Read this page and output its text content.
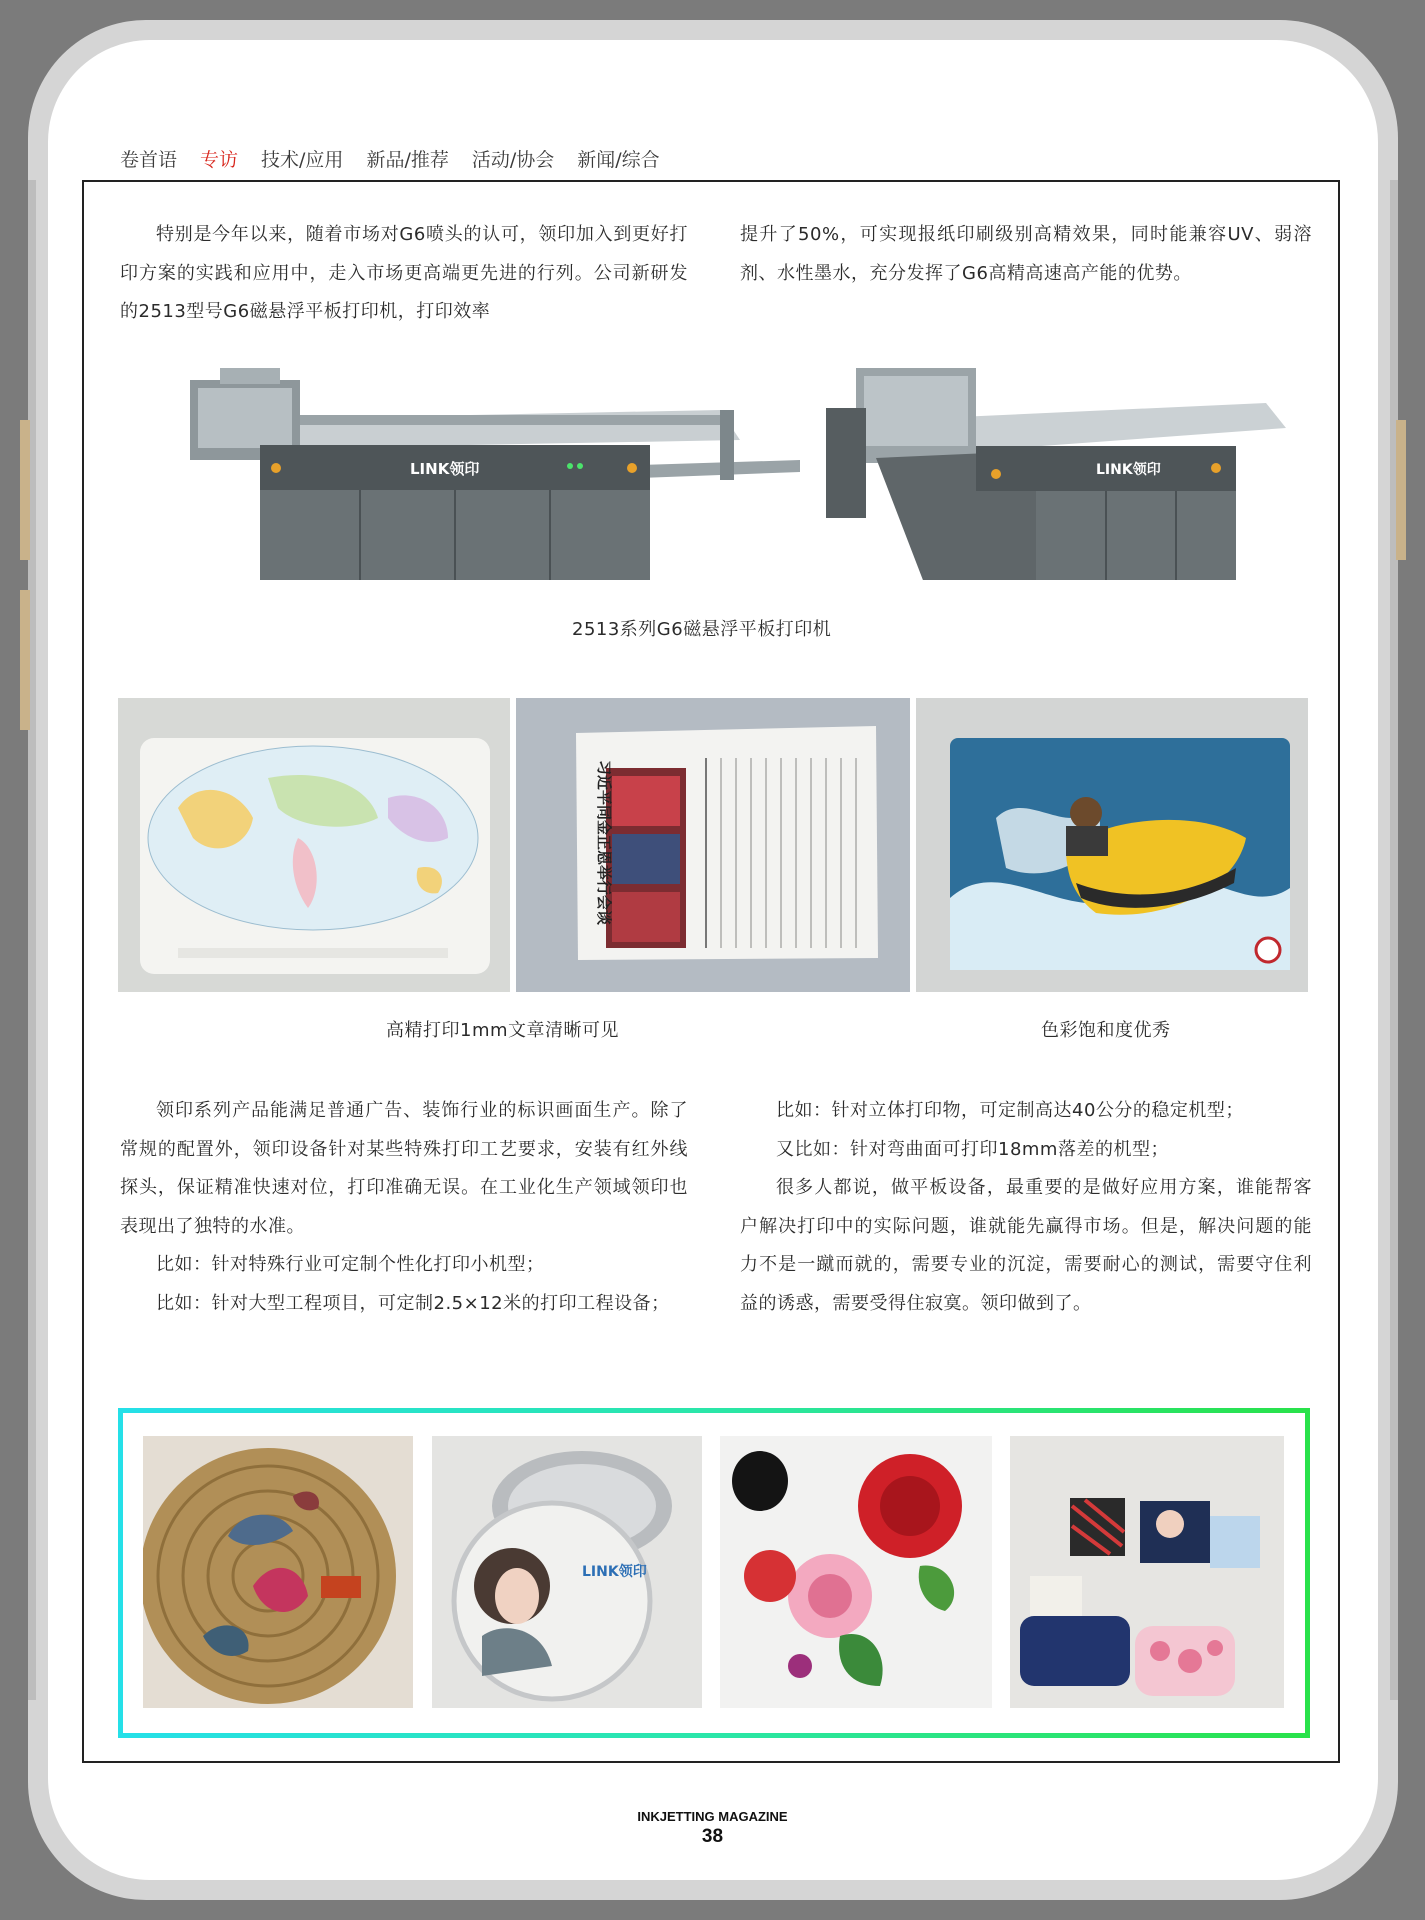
卷首语 专访 技术/应用 新品/推荐 活动/协会 新闻/综合

特别是今年以来，随着市场对G6喷头的认可，领印加入到更好打印方案的实践和应用中，走入市场更高端更先进的行列。公司新研发的2513型号G6磁悬浮平板打印机，打印效率

提升了50%，可实现报纸印刷级别高精效果，同时能兼容UV、弱溶剂、水性墨水，充分发挥了G6高精高速高产能的优势。

LINK领印	LINK领印
2513系列G6磁悬浮平板打印机
习近平同金正恩举行会谈
高精打印1mm文章清晰可见	色彩饱和度优秀

领印系列产品能满足普通广告、装饰行业的标识画面生产。除了常规的配置外，领印设备针对某些特殊打印工艺要求，安装有红外线探头，保证精准快速对位，打印准确无误。在工业化生产领域领印也表现出了独特的水准。

比如：针对特殊行业可定制个性化打印小机型；

比如：针对大型工程项目，可定制2.5×12米的打印工程设备；

比如：针对立体打印物，可定制高达40公分的稳定机型；

又比如：针对弯曲面可打印18mm落差的机型；

很多人都说，做平板设备，最重要的是做好应用方案，谁能帮客户解决打印中的实际问题，谁就能先赢得市场。但是，解决问题的能力不是一蹴而就的，需要专业的沉淀，需要耐心的测试，需要守住利益的诱惑，需要受得住寂寞。领印做到了。

LINK领印
INKJETTING MAGAZINE
38
